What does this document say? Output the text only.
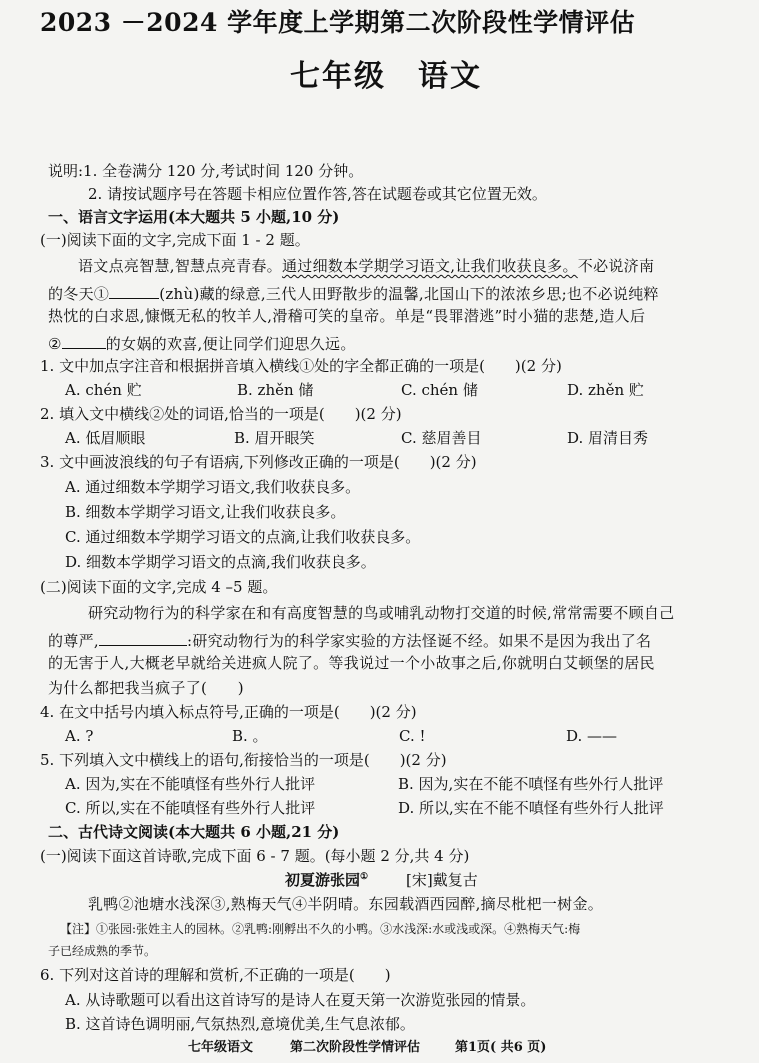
2023 －2024 学年度上学期第二次阶段性学情评估
七年级　语文
说明:1. 全卷满分 120 分,考试时间 120 分钟。
2. 请按试题序号在答题卡相应位置作答,答在试题卷或其它位置无效。
一、语言文字运用(本大题共 5 小题,10 分)
(一)阅读下面的文字,完成下面 1 - 2 题。
语文点亮智慧,智慧点亮青春。通过细数本学期学习语文,让我们收获良多。不必说济南
的冬天①	(zhù)藏的绿意,三代人田野散步的温馨,北国山下的浓浓乡思;也不必说纯粹
热忱的白求恩,慷慨无私的牧羊人,滑稽可笑的皇帝。单是“畏罪潜逃”时小猫的悲楚,造人后
②	的女娲的欢喜,便让同学们迎思久远。
1. 文中加点字注音和根据拼音填入横线①处的字全都正确的一项是(　　)(2 分)
A. chén 贮	B. zhěn 储	C. chén 储	D. zhěn 贮
2. 填入文中横线②处的词语,恰当的一项是(　　)(2 分)
A. 低眉顺眼	B. 眉开眼笑	C. 慈眉善目	D. 眉清目秀
3. 文中画波浪线的句子有语病,下列修改正确的一项是(　　)(2 分)
A. 通过细数本学期学习语文,我们收获良多。
B. 细数本学期学习语文,让我们收获良多。
C. 通过细数本学期学习语文的点滴,让我们收获良多。
D. 细数本学期学习语文的点滴,我们收获良多。
(二)阅读下面的文字,完成 4 –5 题。
研究动物行为的科学家在和有高度智慧的鸟或哺乳动物打交道的时候,常常需要不顾自己
的尊严,	:研究动物行为的科学家实验的方法怪诞不经。如果不是因为我出了名
的无害于人,大概老早就给关进疯人院了。等我说过一个小故事之后,你就明白艾顿堡的居民
为什么都把我当疯子了(　　)
4. 在文中括号内填入标点符号,正确的一项是(　　)(2 分)
A. ?	B. 。	C. !	D. ——
5. 下列填入文中横线上的语句,衔接恰当的一项是(　　)(2 分)
A. 因为,实在不能嗔怪有些外行人批评	B. 因为,实在不能不嗔怪有些外行人批评
C. 所以,实在不能嗔怪有些外行人批评	D. 所以,实在不能不嗔怪有些外行人批评
二、古代诗文阅读(本大题共 6 小题,21 分)
(一)阅读下面这首诗歌,完成下面 6 - 7 题。(每小题 2 分,共 4 分)
初夏游张园①	[宋]戴复古
乳鸭②池塘水浅深③,熟梅天气④半阴晴。东园载酒西园醉,摘尽枇杷一树金。
【注】①张园:张姓主人的园林。②乳鸭:刚孵出不久的小鸭。③水浅深:水或浅或深。④熟梅天气:梅
子已经成熟的季节。
6. 下列对这首诗的理解和赏析,不正确的一项是(　　)
A. 从诗歌题可以看出这首诗写的是诗人在夏天第一次游览张园的情景。
B. 这首诗色调明丽,气氛热烈,意境优美,生气息浓郁。
七年级语文	第二次阶段性学情评估	第1页( 共6 页)
